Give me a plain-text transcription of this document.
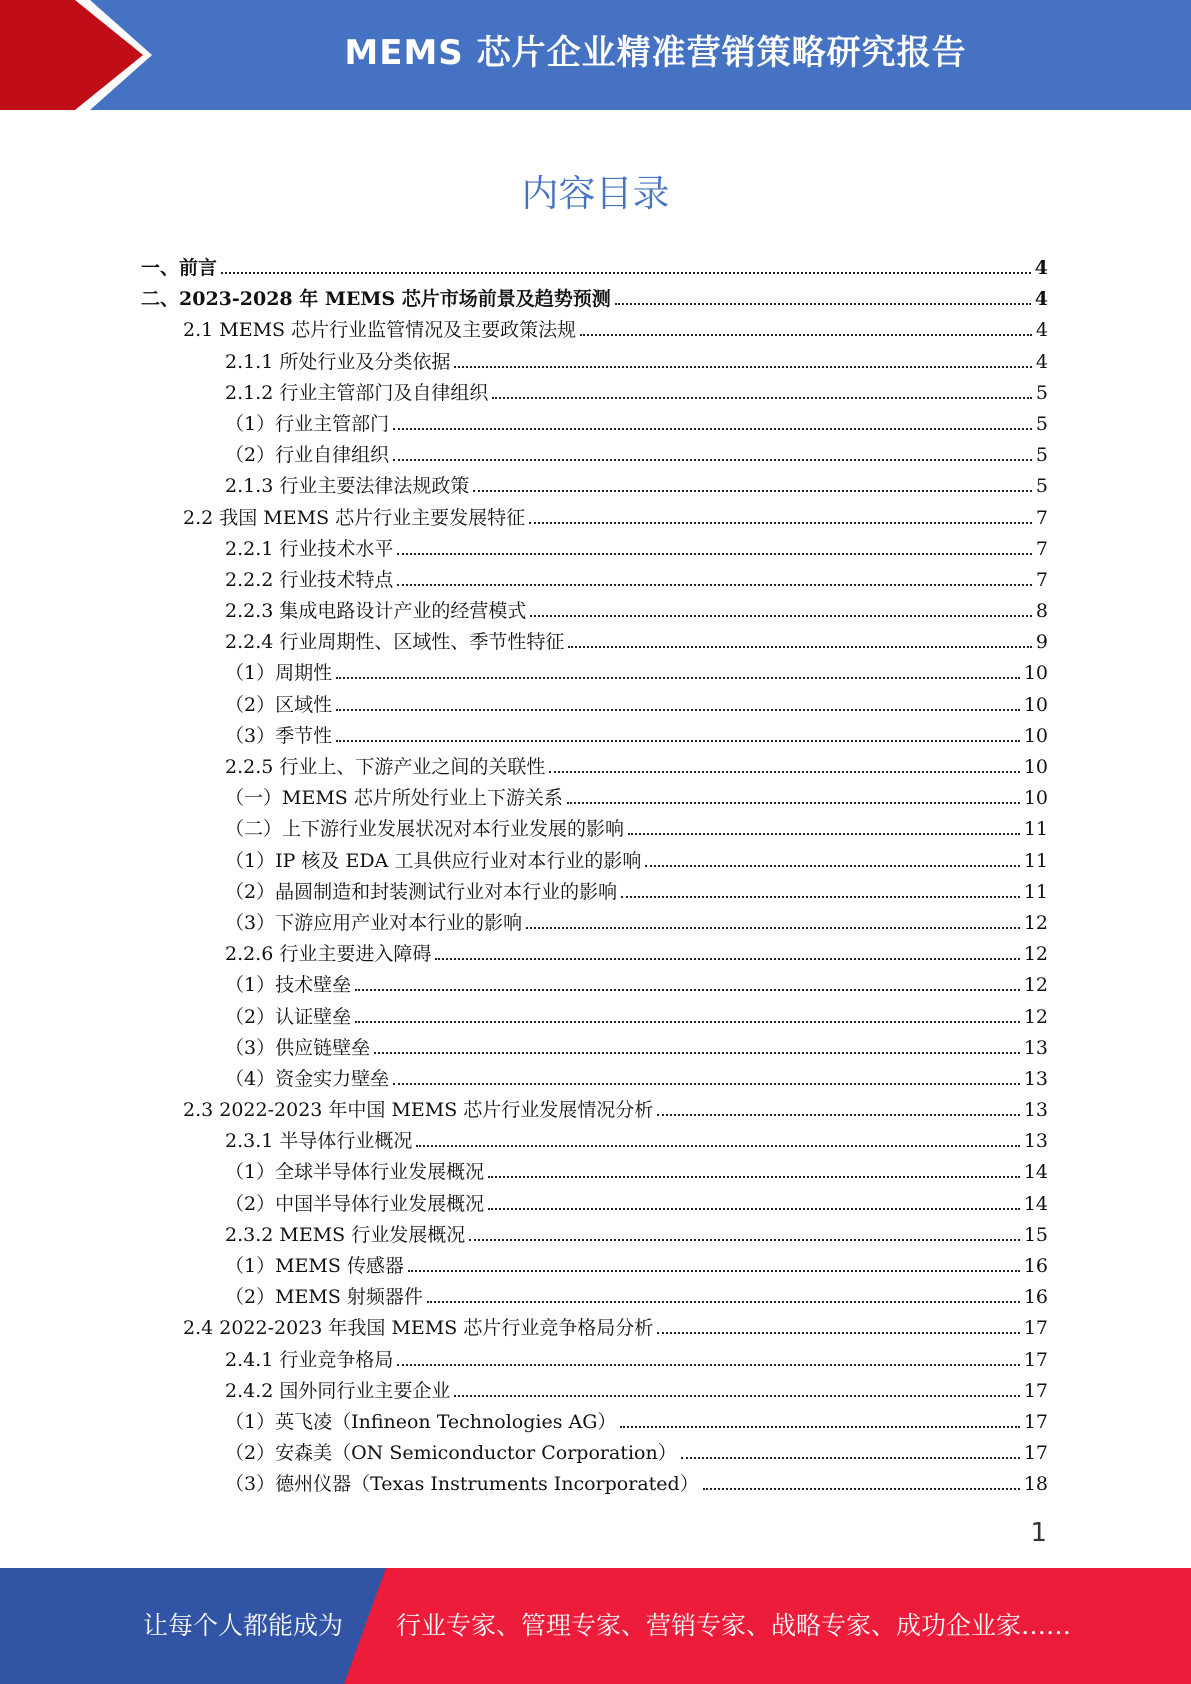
MEMS 芯片企业精准营销策略研究报告
内容目录
一、前言	4
二、2023-2028 年 MEMS 芯片市场前景及趋势预测	4
2.1 MEMS 芯片行业监管情况及主要政策法规	4
2.1.1 所处行业及分类依据	4
2.1.2 行业主管部门及自律组织	5
（1）行业主管部门	5
（2）行业自律组织	5
2.1.3 行业主要法律法规政策	5
2.2 我国 MEMS 芯片行业主要发展特征	7
2.2.1 行业技术水平	7
2.2.2 行业技术特点	7
2.2.3 集成电路设计产业的经营模式	8
2.2.4 行业周期性、区域性、季节性特征	9
（1）周期性	10
（2）区域性	10
（3）季节性	10
2.2.5 行业上、下游产业之间的关联性	10
（一）MEMS 芯片所处行业上下游关系	10
（二）上下游行业发展状况对本行业发展的影响	11
（1）IP 核及 EDA 工具供应行业对本行业的影响	11
（2）晶圆制造和封装测试行业对本行业的影响	11
（3）下游应用产业对本行业的影响	12
2.2.6 行业主要进入障碍	12
（1）技术壁垒	12
（2）认证壁垒	12
（3）供应链壁垒	13
（4）资金实力壁垒	13
2.3 2022-2023 年中国 MEMS 芯片行业发展情况分析	13
2.3.1 半导体行业概况	13
（1）全球半导体行业发展概况	14
（2）中国半导体行业发展概况	14
2.3.2 MEMS 行业发展概况	15
（1）MEMS 传感器	16
（2）MEMS 射频器件	16
2.4 2022-2023 年我国 MEMS 芯片行业竞争格局分析	17
2.4.1 行业竞争格局	17
2.4.2 国外同行业主要企业	17
（1）英飞凌（Infineon Technologies AG）	17
（2）安森美（ON Semiconductor Corporation）	17
（3）德州仪器（Texas Instruments Incorporated）	18
1
让每个人都能成为 行业专家、管理专家、营销专家、战略专家、成功企业家……
